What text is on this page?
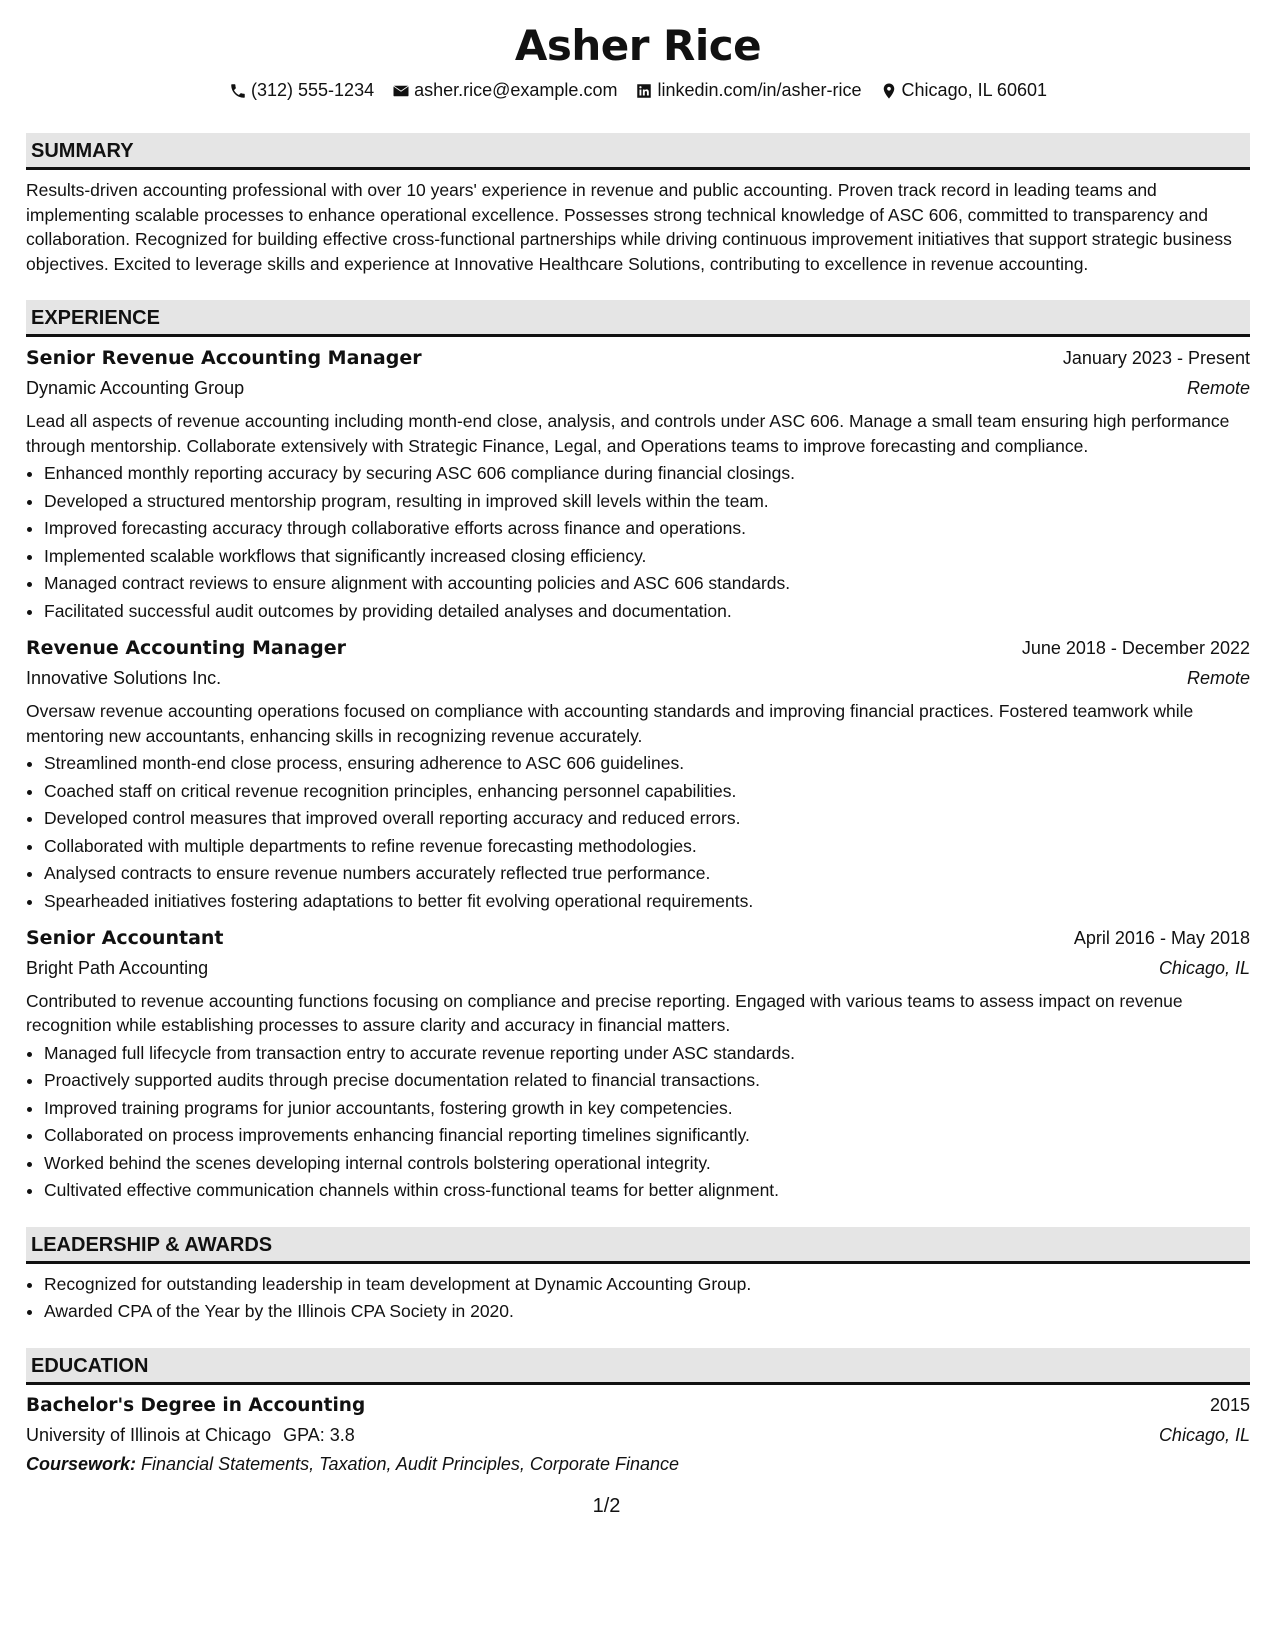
Asher Rice
(312) 555-1234 asher.rice@example.com linkedin.com/in/asher-rice Chicago, IL 60601
SUMMARY
Results-driven accounting professional with over 10 years' experience in revenue and public accounting. Proven track record in leading teams and implementing scalable processes to enhance operational excellence. Possesses strong technical knowledge of ASC 606, committed to transparency and collaboration. Recognized for building effective cross-functional partnerships while driving continuous improvement initiatives that support strategic business objectives. Excited to leverage skills and experience at Innovative Healthcare Solutions, contributing to excellence in revenue accounting.
EXPERIENCE
Senior Revenue Accounting Manager	January 2023 - Present
Dynamic Accounting Group	Remote
Lead all aspects of revenue accounting including month-end close, analysis, and controls under ASC 606. Manage a small team ensuring high performance through mentorship. Collaborate extensively with Strategic Finance, Legal, and Operations teams to improve forecasting and compliance.
• Enhanced monthly reporting accuracy by securing ASC 606 compliance during financial closings.
• Developed a structured mentorship program, resulting in improved skill levels within the team.
• Improved forecasting accuracy through collaborative efforts across finance and operations.
• Implemented scalable workflows that significantly increased closing efficiency.
• Managed contract reviews to ensure alignment with accounting policies and ASC 606 standards.
• Facilitated successful audit outcomes by providing detailed analyses and documentation.
Revenue Accounting Manager	June 2018 - December 2022
Innovative Solutions Inc.	Remote
Oversaw revenue accounting operations focused on compliance with accounting standards and improving financial practices. Fostered teamwork while mentoring new accountants, enhancing skills in recognizing revenue accurately.
• Streamlined month-end close process, ensuring adherence to ASC 606 guidelines.
• Coached staff on critical revenue recognition principles, enhancing personnel capabilities.
• Developed control measures that improved overall reporting accuracy and reduced errors.
• Collaborated with multiple departments to refine revenue forecasting methodologies.
• Analysed contracts to ensure revenue numbers accurately reflected true performance.
• Spearheaded initiatives fostering adaptations to better fit evolving operational requirements.
Senior Accountant	April 2016 - May 2018
Bright Path Accounting	Chicago, IL
Contributed to revenue accounting functions focusing on compliance and precise reporting. Engaged with various teams to assess impact on revenue recognition while establishing processes to assure clarity and accuracy in financial matters.
• Managed full lifecycle from transaction entry to accurate revenue reporting under ASC standards.
• Proactively supported audits through precise documentation related to financial transactions.
• Improved training programs for junior accountants, fostering growth in key competencies.
• Collaborated on process improvements enhancing financial reporting timelines significantly.
• Worked behind the scenes developing internal controls bolstering operational integrity.
• Cultivated effective communication channels within cross-functional teams for better alignment.
LEADERSHIP & AWARDS
• Recognized for outstanding leadership in team development at Dynamic Accounting Group.
• Awarded CPA of the Year by the Illinois CPA Society in 2020.
EDUCATION
Bachelor's Degree in Accounting	2015
University of Illinois at Chicago GPA: 3.8	Chicago, IL
Coursework: Financial Statements, Taxation, Audit Principles, Corporate Finance
1/2
